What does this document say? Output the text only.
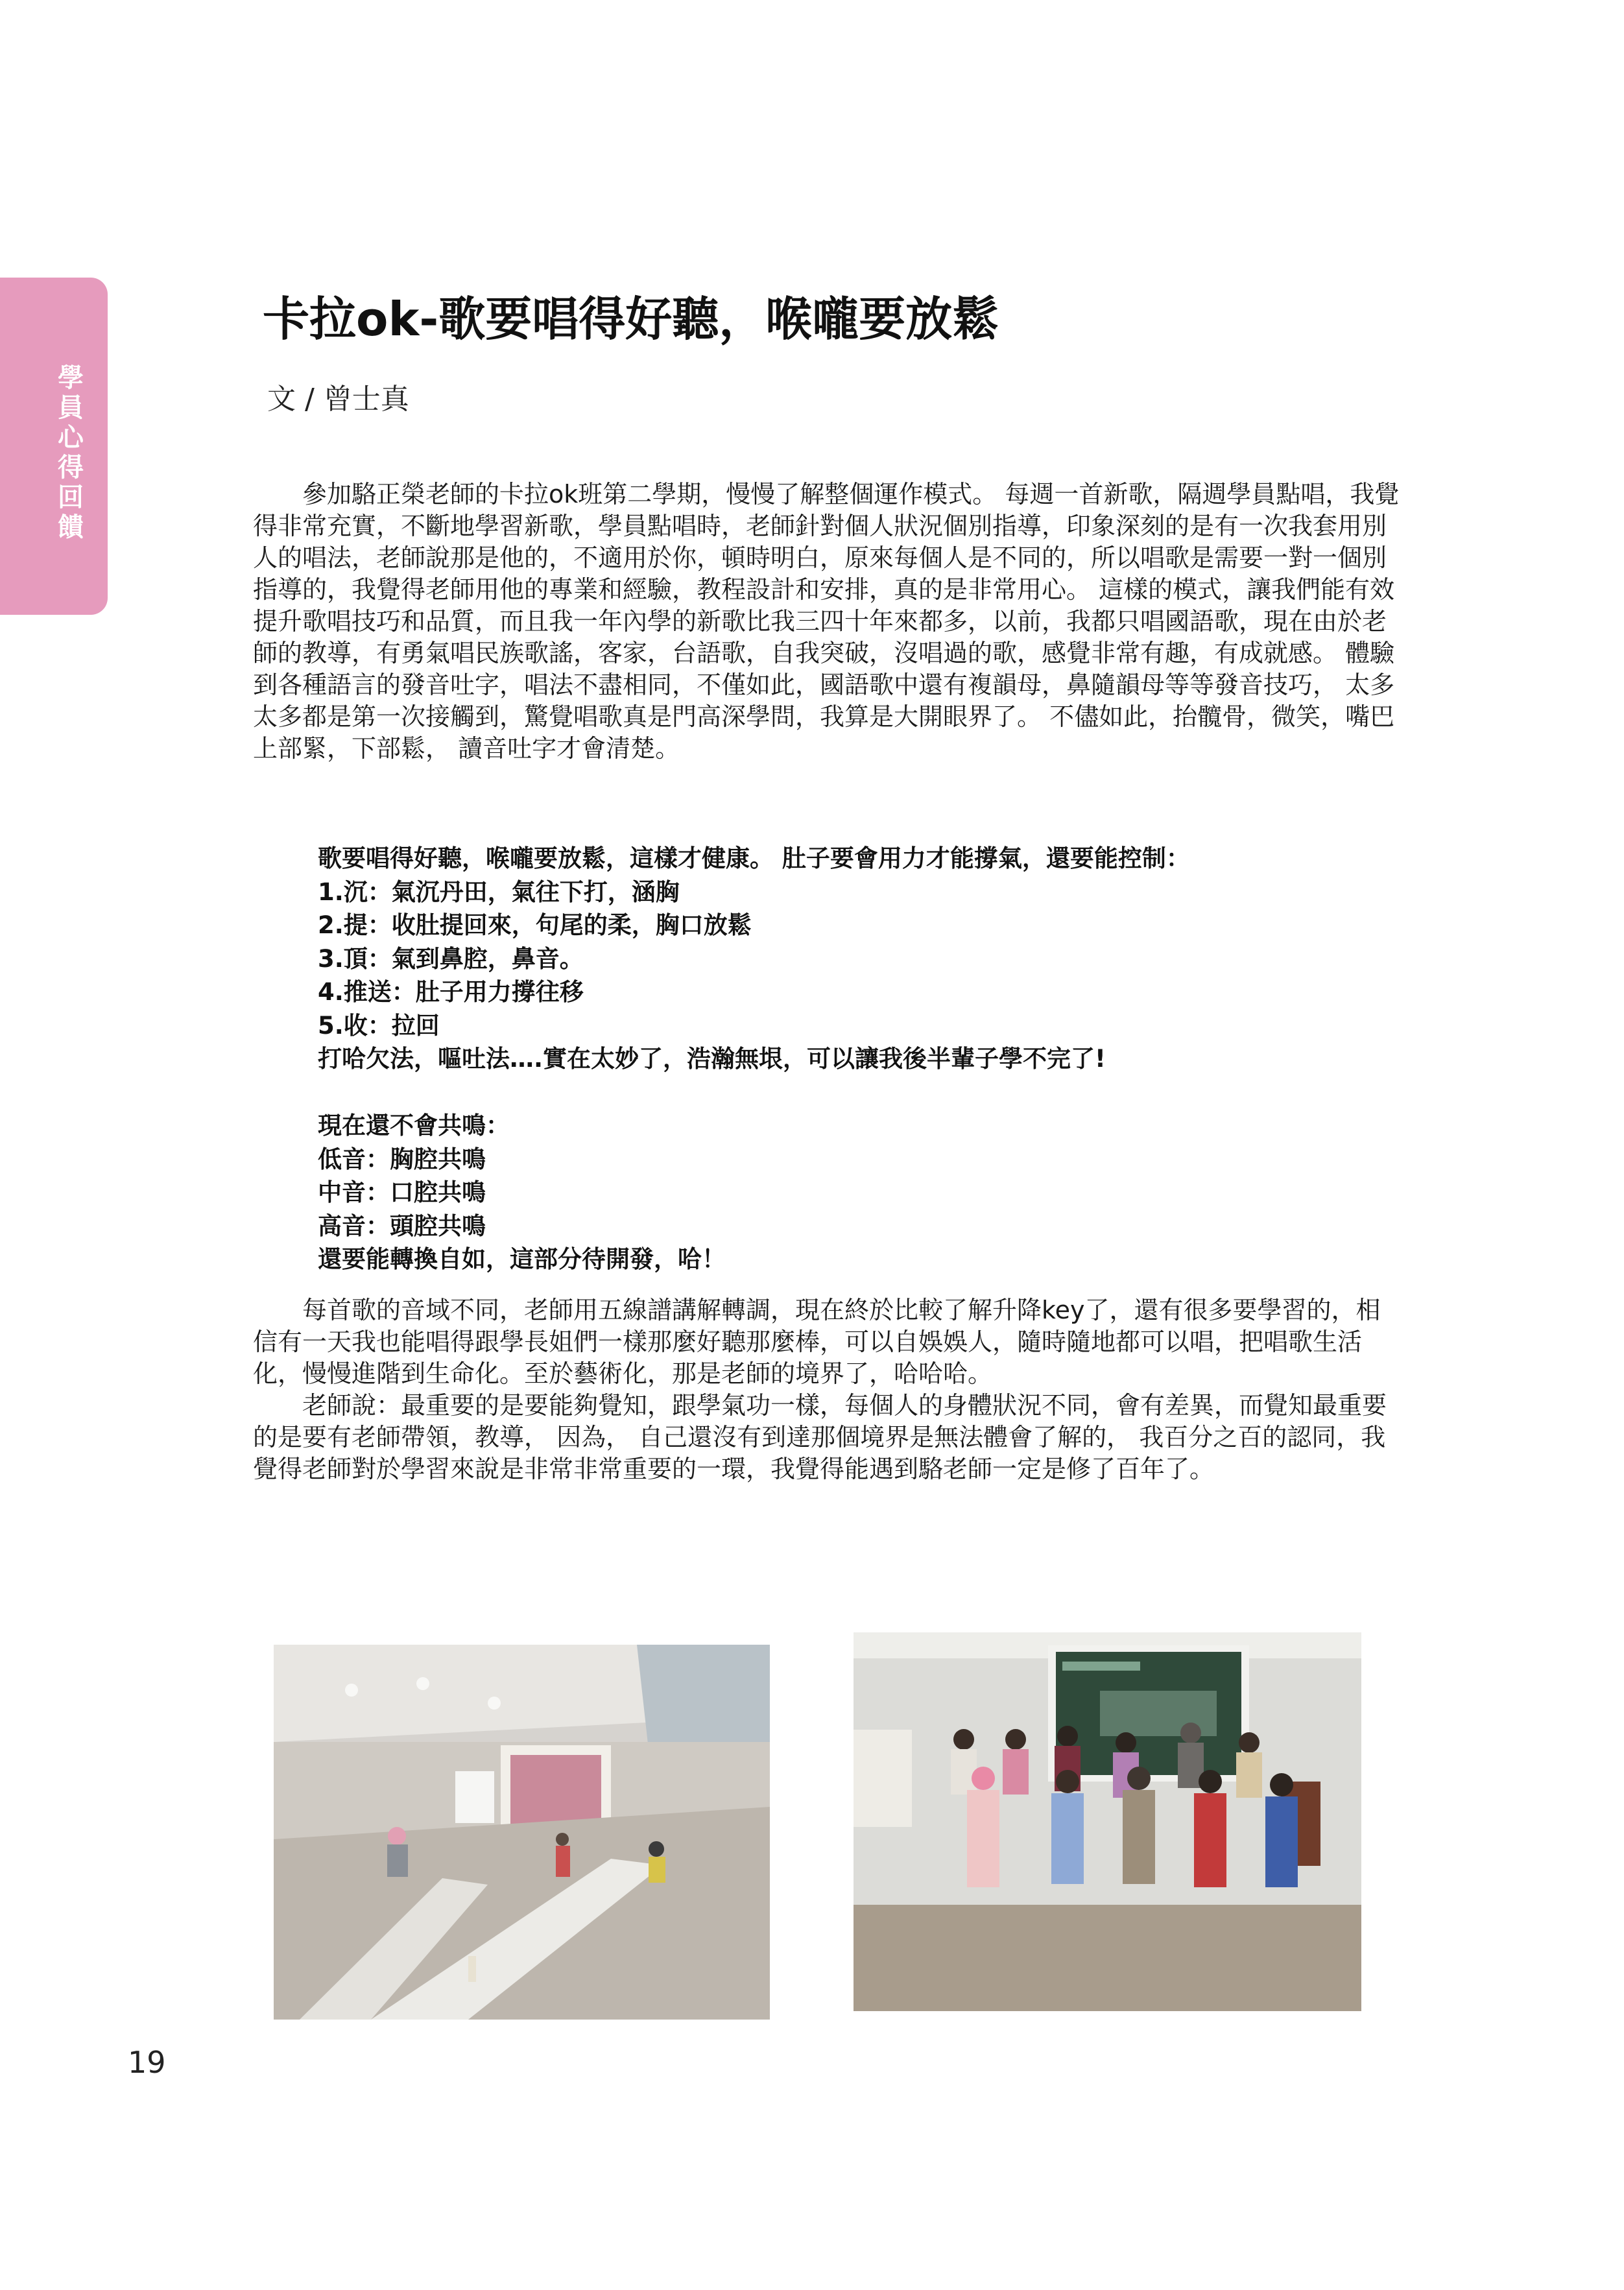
學員心得回饋
卡拉ok-歌要唱得好聽，喉嚨要放鬆
文 / 曾士真

參加駱正榮老師的卡拉ok班第二學期，慢慢了解整個運作模式。 每週一首新歌，隔週學員點唱，我覺得非常充實，不斷地學習新歌，學員點唱時，老師針對個人狀況個別指導，印象深刻的是有一次我套用別人的唱法，老師說那是他的，不適用於你，頓時明白，原來每個人是不同的，所以唱歌是需要一對一個別指導的，我覺得老師用他的專業和經驗，教程設計和安排，真的是非常用心。 這樣的模式，讓我們能有效提升歌唱技巧和品質，而且我一年內學的新歌比我三四十年來都多，以前，我都只唱國語歌，現在由於老師的教導，有勇氣唱民族歌謠，客家，台語歌，自我突破，沒唱過的歌，感覺非常有趣，有成就感。 體驗到各種語言的發音吐字，唱法不盡相同，不僅如此，國語歌中還有複韻母，鼻隨韻母等等發音技巧， 太多太多都是第一次接觸到，驚覺唱歌真是門高深學問，我算是大開眼界了。 不儘如此，抬髖骨，微笑，嘴巴上部緊，下部鬆， 讀音吐字才會清楚。

歌要唱得好聽，喉嚨要放鬆，這樣才健康。 肚子要會用力才能撐氣，還要能控制：
1.沉：氣沉丹田，氣往下打，涵胸
2.提：收肚提回來，句尾的柔，胸口放鬆
3.頂：氣到鼻腔，鼻音。
4.推送：肚子用力撐往移
5.收：拉回
打哈欠法，嘔吐法….實在太妙了，浩瀚無垠，可以讓我後半輩子學不完了!
現在還不會共鳴：
低音：胸腔共鳴
中音：口腔共鳴
高音：頭腔共鳴
還要能轉換自如，這部分待開發，哈！

每首歌的音域不同，老師用五線譜講解轉調，現在終於比較了解升降key了，還有很多要學習的，相信有一天我也能唱得跟學長姐們一樣那麼好聽那麼棒，可以自娛娛人，隨時隨地都可以唱，把唱歌生活化，慢慢進階到生命化。至於藝術化，那是老師的境界了，哈哈哈。

老師說：最重要的是要能夠覺知，跟學氣功一樣，每個人的身體狀況不同，會有差異，而覺知最重要的是要有老師帶領，教導， 因為， 自己還沒有到達那個境界是無法體會了解的， 我百分之百的認同，我覺得老師對於學習來說是非常非常重要的一環，我覺得能遇到駱老師一定是修了百年了。

19
